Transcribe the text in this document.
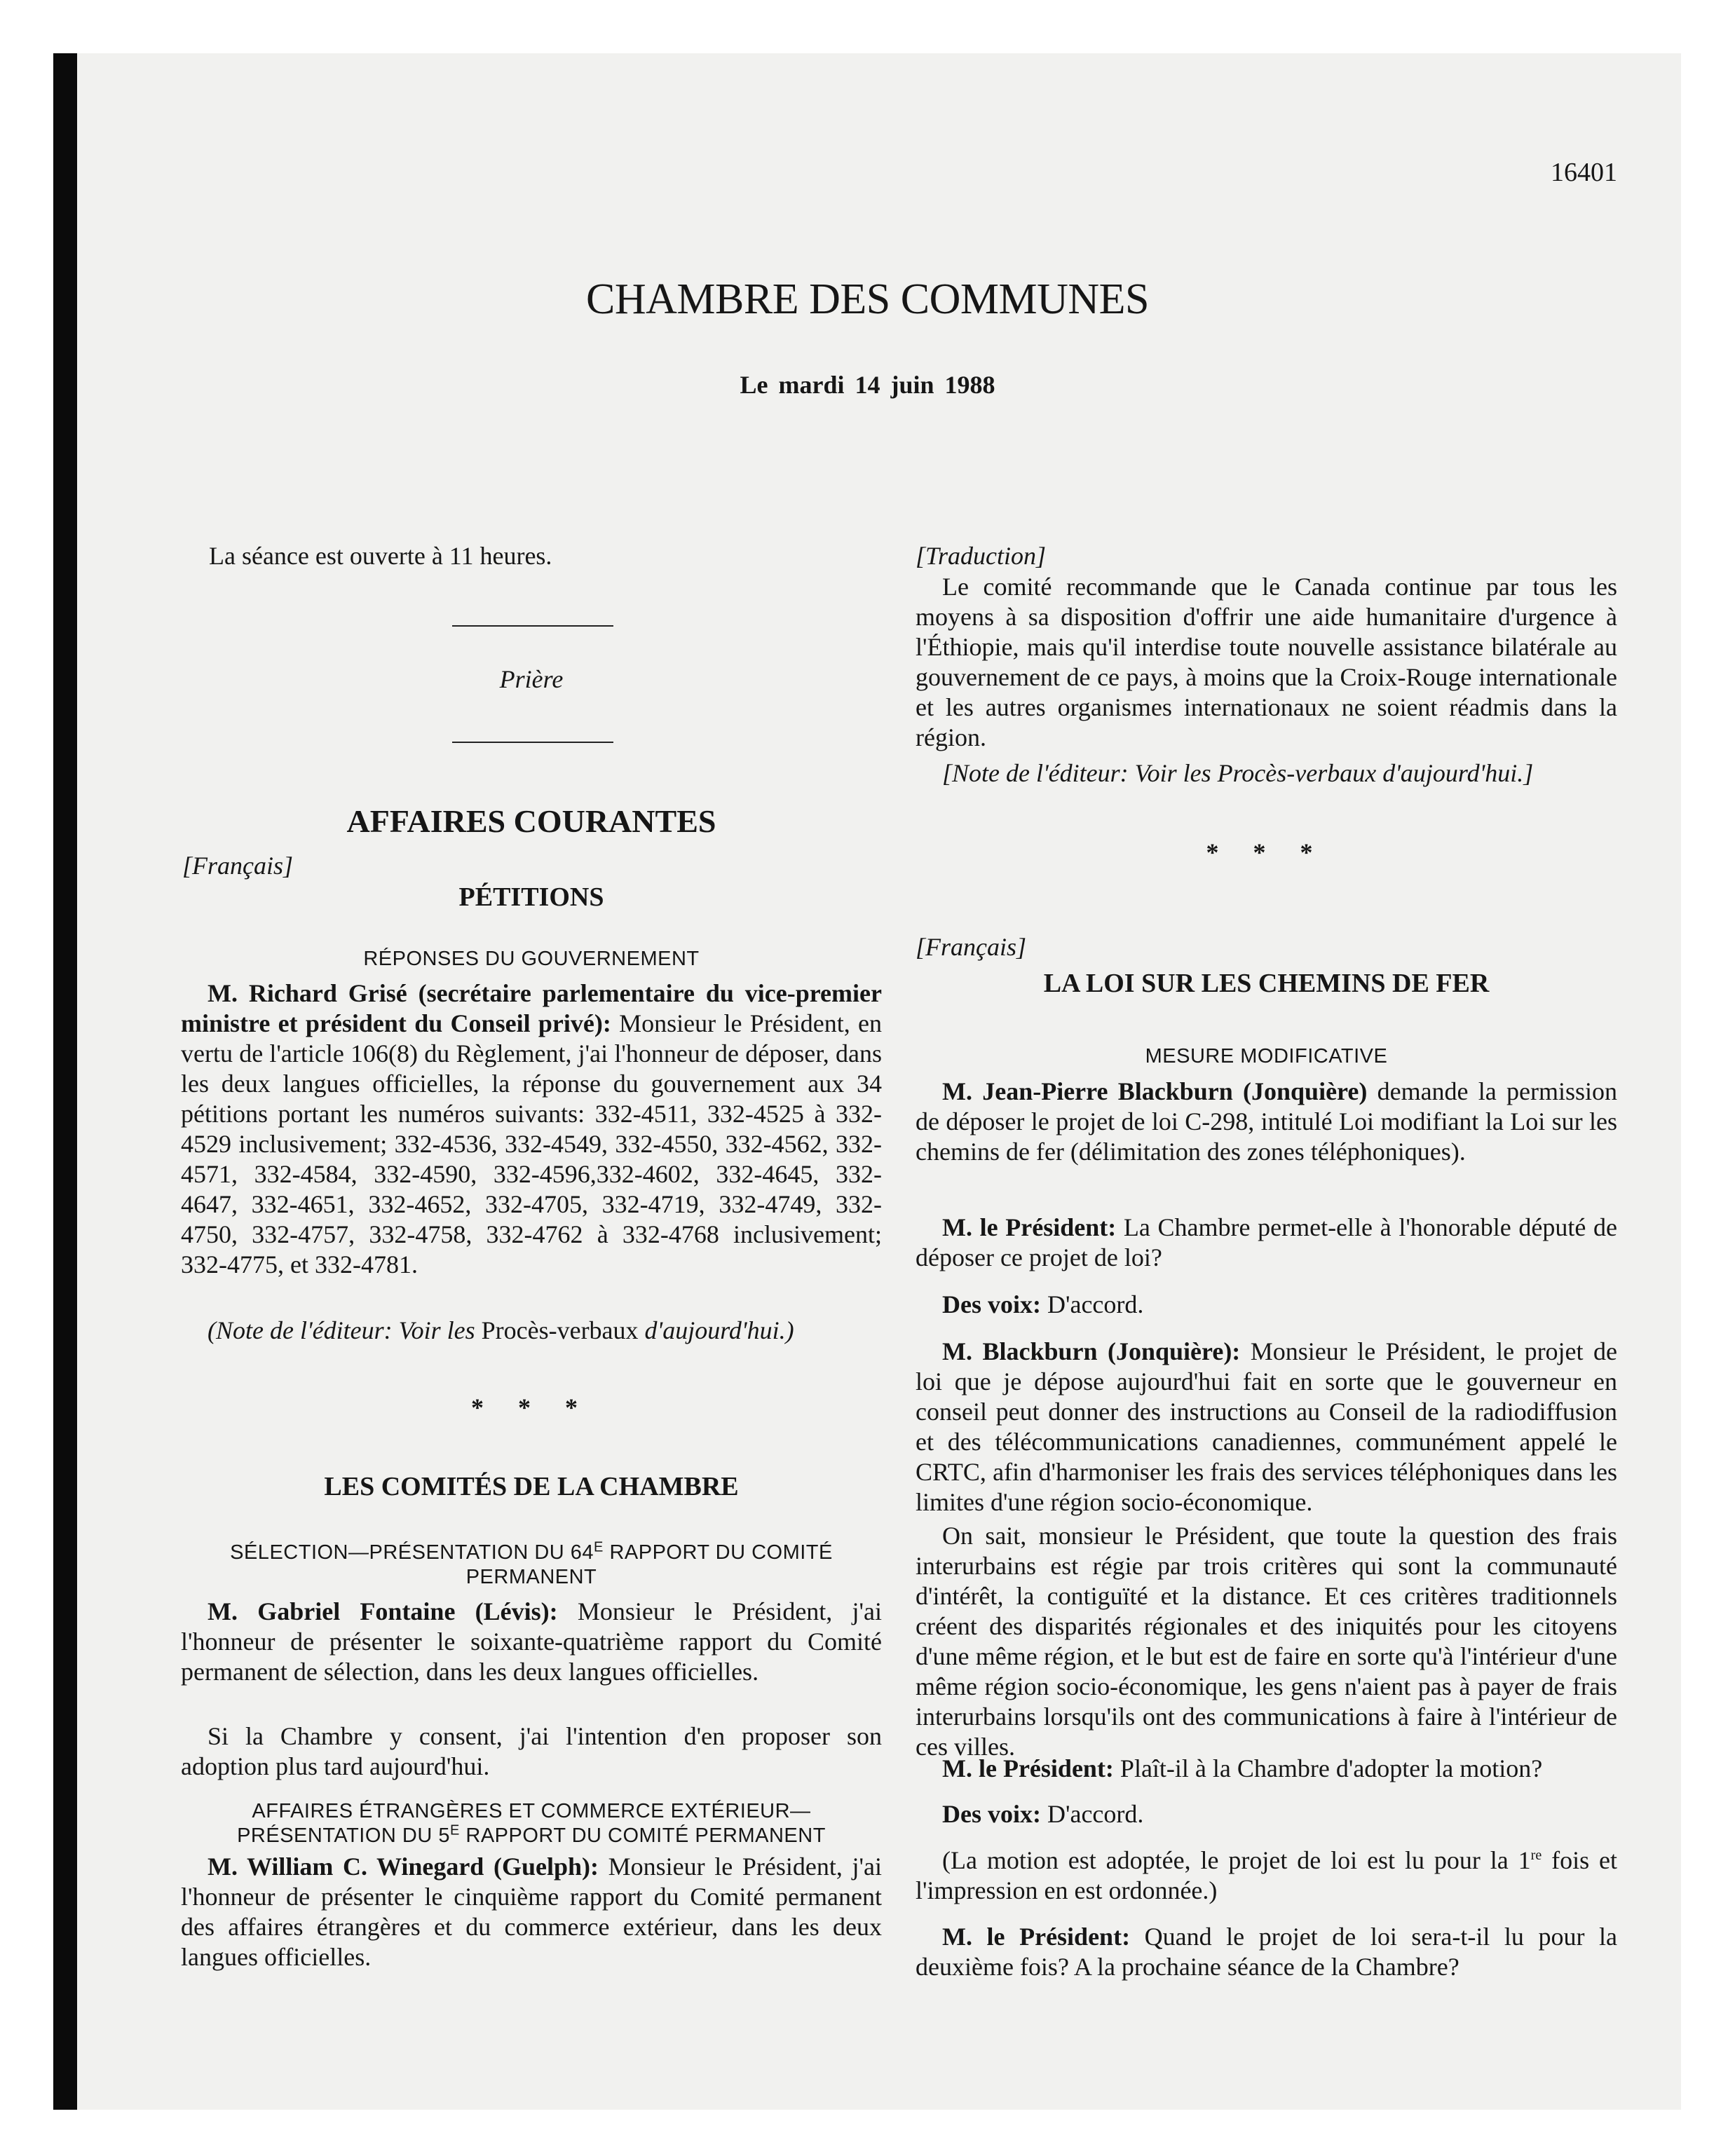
16401
CHAMBRE DES COMMUNES
Le mardi 14 juin 1988

La séance est ouverte à 11 heures.

Prière

AFFAIRES COURANTES

[Français]

PÉTITIONS

RÉPONSES DU GOUVERNEMENT

M. Richard Grisé (secrétaire parlementaire du vice-premier ministre et président du Conseil privé): Monsieur le Président, en vertu de l'article 106(8) du Règlement, j'ai l'honneur de déposer, dans les deux langues officielles, la réponse du gouvernement aux 34 pétitions portant les numéros suivants: 332-4511, 332-4525 à 332-4529 inclusivement; 332-4536, 332-4549, 332-4550, 332-4562, 332-4571, 332-4584, 332-4590, 332-4596,332-4602, 332-4645, 332-4647, 332-4651, 332-4652, 332-4705, 332-4719, 332-4749, 332-4750, 332-4757, 332-4758, 332-4762 à 332-4768 inclusivement; 332-4775, et 332-4781.

(Note de l'éditeur: Voir les Procès-verbaux d'aujourd'hui.)

* * *

LES COMITÉS DE LA CHAMBRE

SÉLECTION—PRÉSENTATION DU $64^E$ RAPPORT DU COMITÉ PERMANENT

M. Gabriel Fontaine (Lévis): Monsieur le Président, j'ai l'honneur de présenter le soixante-quatrième rapport du Comité permanent de sélection, dans les deux langues officielles.

Si la Chambre y consent, j'ai l'intention d'en proposer son adoption plus tard aujourd'hui.

AFFAIRES ÉTRANGÈRES ET COMMERCE EXTÉRIEUR—
PRÉSENTATION DU $5^E$ RAPPORT DU COMITÉ PERMANENT

M. William C. Winegard (Guelph): Monsieur le Président, j'ai l'honneur de présenter le cinquième rapport du Comité permanent des affaires étrangères et du commerce extérieur, dans les deux langues officielles.

[Traduction]

Le comité recommande que le Canada continue par tous les moyens à sa disposition d'offrir une aide humanitaire d'urgence à l'Éthiopie, mais qu'il interdise toute nouvelle assistance bilatérale au gouvernement de ce pays, à moins que la Croix-Rouge internationale et les autres organismes internationaux ne soient réadmis dans la région.

[Note de l'éditeur: Voir les Procès-verbaux d'aujourd'hui.]

* * *

[Français]

LA LOI SUR LES CHEMINS DE FER

MESURE MODIFICATIVE

M. Jean-Pierre Blackburn (Jonquière) demande la permission de déposer le projet de loi C-298, intitulé Loi modifiant la Loi sur les chemins de fer (délimitation des zones téléphoniques).

M. le Président: La Chambre permet-elle à l'honorable député de déposer ce projet de loi?

Des voix: D'accord.

M. Blackburn (Jonquière): Monsieur le Président, le projet de loi que je dépose aujourd'hui fait en sorte que le gouverneur en conseil peut donner des instructions au Conseil de la radiodiffusion et des télécommunications canadiennes, communément appelé le CRTC, afin d'harmoniser les frais des services téléphoniques dans les limites d'une région socio-économique.

On sait, monsieur le Président, que toute la question des frais interurbains est régie par trois critères qui sont la communauté d'intérêt, la contiguïté et la distance. Et ces critères traditionnels créent des disparités régionales et des iniquités pour les citoyens d'une même région, et le but est de faire en sorte qu'à l'intérieur d'une même région socio-économique, les gens n'aient pas à payer de frais interurbains lorsqu'ils ont des communications à faire à l'intérieur de ces villes.

M. le Président: Plaît-il à la Chambre d'adopter la motion?

Des voix: D'accord.

(La motion est adoptée, le projet de loi est lu pour la 1re fois et l'impression en est ordonnée.)

M. le Président: Quand le projet de loi sera-t-il lu pour la deuxième fois? A la prochaine séance de la Chambre?
